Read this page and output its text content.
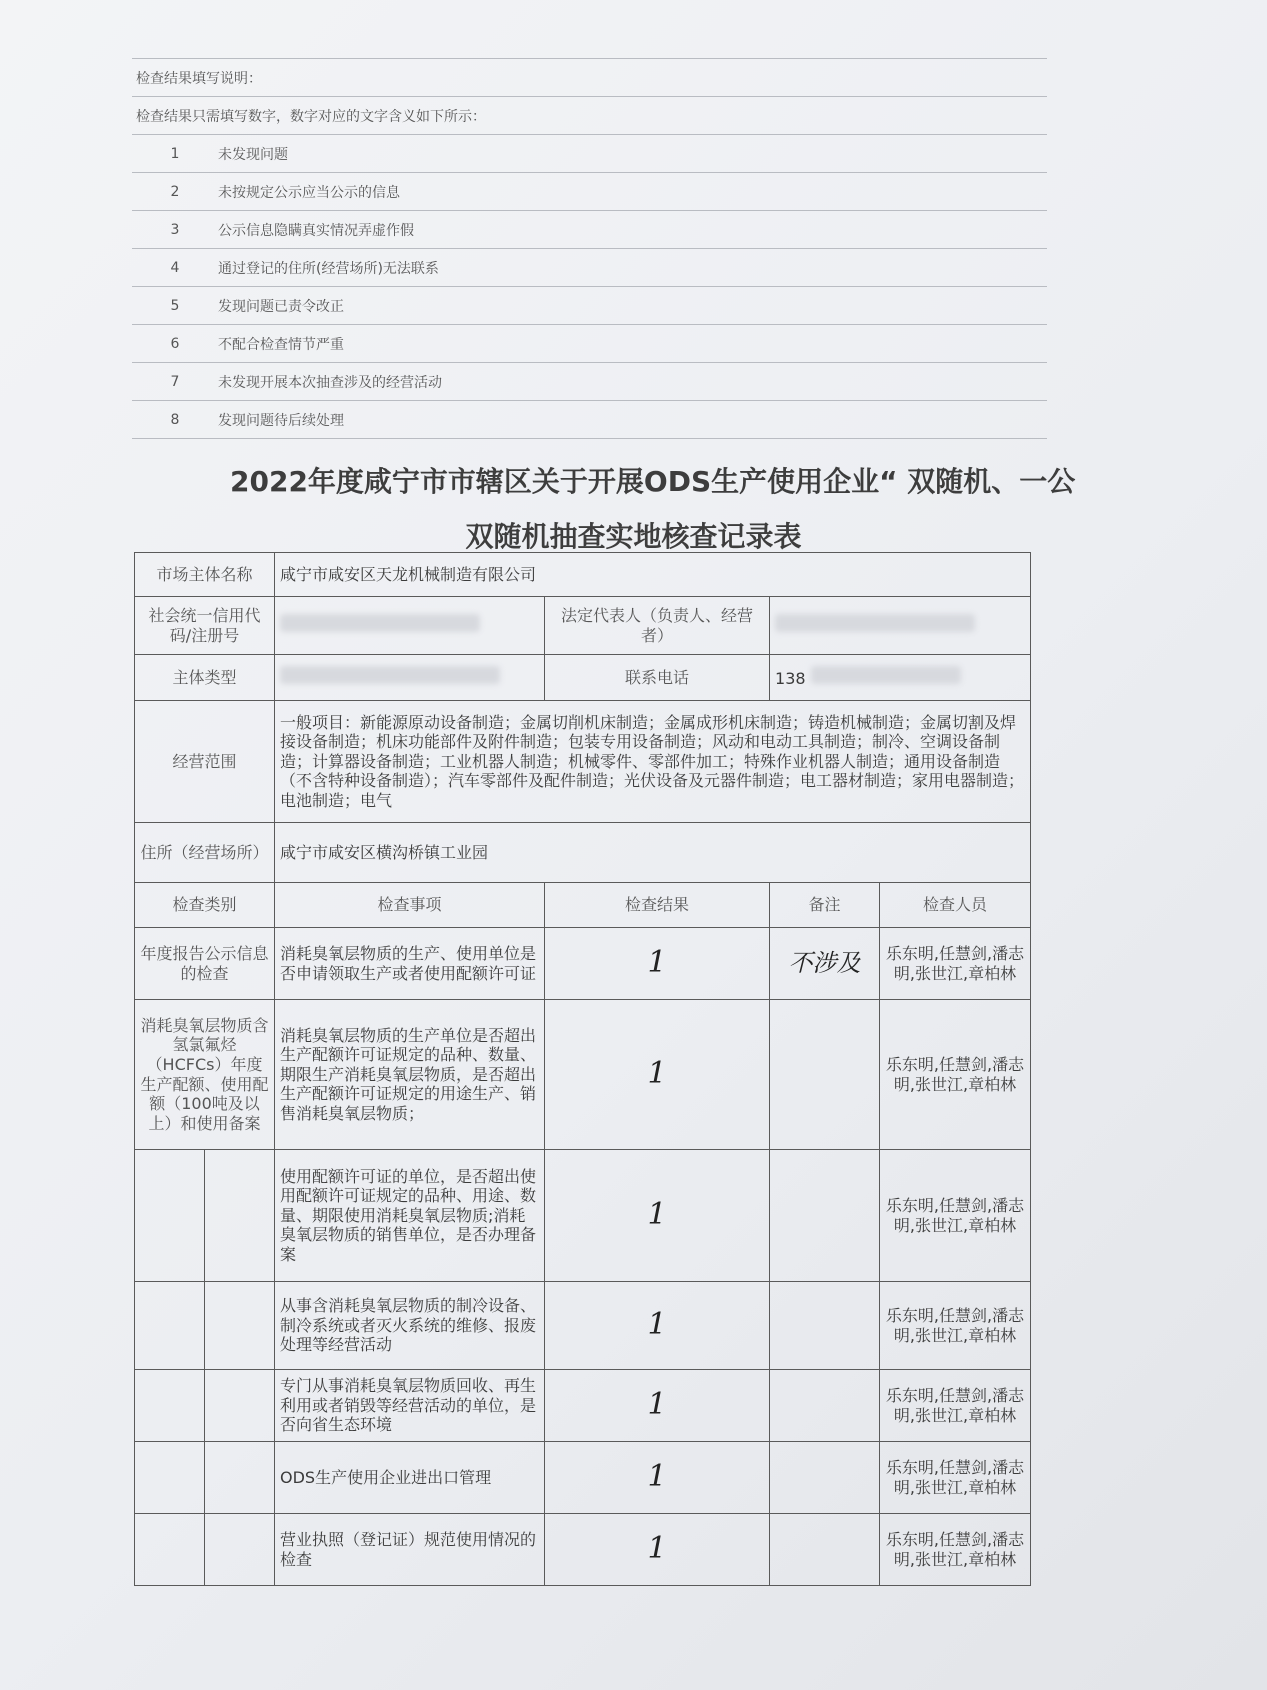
检查结果填写说明：
检查结果只需填写数字，数字对应的文字含义如下所示：
1	未发现问题
2	未按规定公示应当公示的信息
3	公示信息隐瞒真实情况弄虚作假
4	通过登记的住所(经营场所)无法联系
5	发现问题已责令改正
6	不配合检查情节严重
7	未发现开展本次抽查涉及的经营活动
8	发现问题待后续处理
2022年度咸宁市市辖区关于开展ODS生产使用企业“ 双随机、一公
双随机抽查实地核查记录表
市场主体名称		咸宁市咸安区天龙机械制造有限公司			
社会统一信用代码/注册号			法定代表人（负责人、经营者）		
主体类型			联系电话	138	
经营范围		一般项目：新能源原动设备制造；金属切削机床制造；金属成形机床制造；铸造机械制造；金属切割及焊接设备制造；机床功能部件及附件制造；包装专用设备制造；风动和电动工具制造；制冷、空调设备制造；计算器设备制造；工业机器人制造；机械零件、零部件加工；特殊作业机器人制造；通用设备制造（不含特种设备制造）；汽车零部件及配件制造；光伏设备及元器件制造；电工器材制造；家用电器制造；电池制造；电气			
住所（经营场所）		咸宁市咸安区横沟桥镇工业园			
检查类别		检查事项	检查结果	备注	检查人员
年度报告公示信息的检查		消耗臭氧层物质的生产、使用单位是否申请领取生产或者使用配额许可证	1	不涉及	乐东明,任慧剑,潘志明,张世江,章柏林
消耗臭氧层物质含氢氯氟烃（HCFCs）年度生产配额、使用配额（100吨及以上）和使用备案		消耗臭氧层物质的生产单位是否超出生产配额许可证规定的品种、数量、期限生产消耗臭氧层物质，是否超出生产配额许可证规定的用途生产、销售消耗臭氧层物质；	1		乐东明,任慧剑,潘志明,张世江,章柏林
		使用配额许可证的单位，是否超出使用配额许可证规定的品种、用途、数量、期限使用消耗臭氧层物质;消耗臭氧层物质的销售单位，是否办理备案	1		乐东明,任慧剑,潘志明,张世江,章柏林
		从事含消耗臭氧层物质的制冷设备、制冷系统或者灭火系统的维修、报废处理等经营活动	1		乐东明,任慧剑,潘志明,张世江,章柏林
		专门从事消耗臭氧层物质回收、再生利用或者销毁等经营活动的单位，是否向省生态环境	1		乐东明,任慧剑,潘志明,张世江,章柏林
		ODS生产使用企业进出口管理	1		乐东明,任慧剑,潘志明,张世江,章柏林
		营业执照（登记证）规范使用情况的检查	1		乐东明,任慧剑,潘志明,张世江,章柏林
